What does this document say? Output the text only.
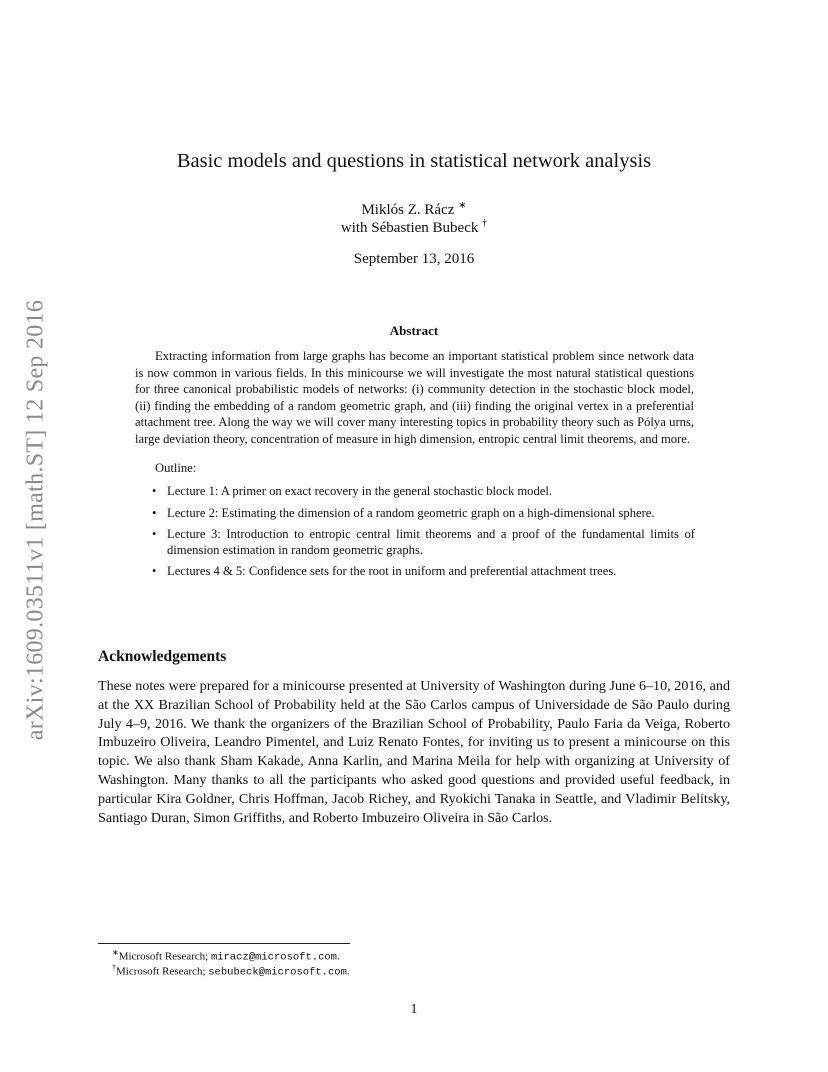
arXiv:1609.03511v1 [math.ST] 12 Sep 2016
Basic models and questions in statistical network analysis
Miklós Z. Rácz ∗
with Sébastien Bubeck †
September 13, 2016
Abstract

Extracting information from large graphs has become an important statistical problem since network data is now common in various fields. In this minicourse we will investigate the most natural statistical questions for three canonical probabilistic models of networks: (i) community detection in the stochastic block model, (ii) finding the embedding of a random geometric graph, and (iii) finding the original vertex in a preferential attachment tree. Along the way we will cover many interesting topics in probability theory such as Pólya urns, large deviation theory, concentration of measure in high dimension, entropic central limit theorems, and more.

Outline:
• Lecture 1: A primer on exact recovery in the general stochastic block model.
• Lecture 2: Estimating the dimension of a random geometric graph on a high-dimensional sphere.
• Lecture 3: Introduction to entropic central limit theorems and a proof of the fundamental limits of dimension estimation in random geometric graphs.
• Lectures 4 & 5: Confidence sets for the root in uniform and preferential attachment trees.
Acknowledgements

These notes were prepared for a minicourse presented at University of Washington during June 6–10, 2016, and at the XX Brazilian School of Probability held at the São Carlos campus of Universidade de São Paulo during July 4–9, 2016. We thank the organizers of the Brazilian School of Probability, Paulo Faria da Veiga, Roberto Imbuzeiro Oliveira, Leandro Pimentel, and Luiz Renato Fontes, for inviting us to present a minicourse on this topic. We also thank Sham Kakade, Anna Karlin, and Marina Meila for help with organizing at University of Washington. Many thanks to all the participants who asked good questions and provided useful feedback, in particular Kira Goldner, Chris Hoffman, Jacob Richey, and Ryokichi Tanaka in Seattle, and Vladimir Belitsky, Santiago Duran, Simon Griffiths, and Roberto Imbuzeiro Oliveira in São Carlos.

∗Microsoft Research; miracz@microsoft.com.
†Microsoft Research; sebubeck@microsoft.com.
1
